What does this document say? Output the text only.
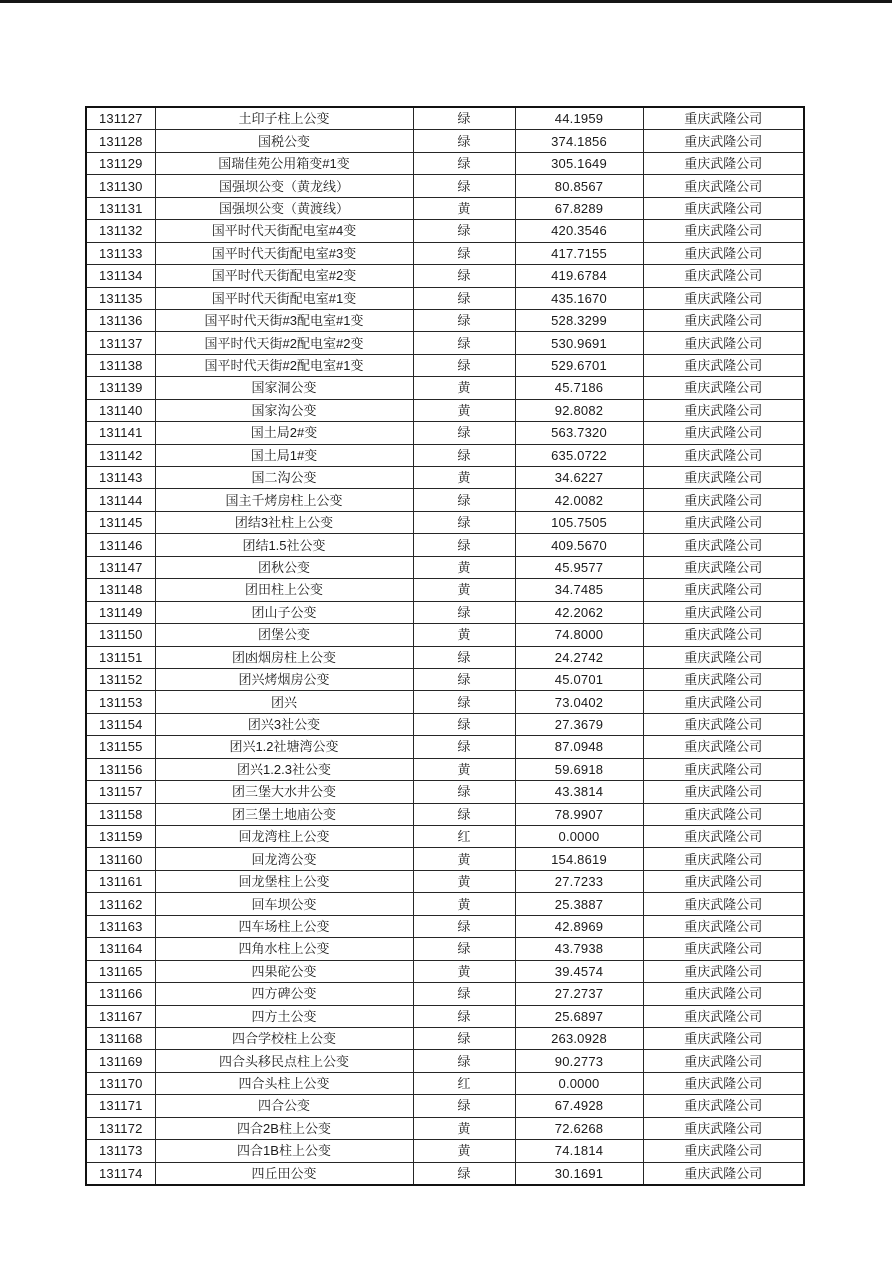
131127	土印子柱上公变	绿	44.1959	重庆武隆公司
131128	国税公变	绿	374.1856	重庆武隆公司
131129	国瑞佳苑公用箱变#1变	绿	305.1649	重庆武隆公司
131130	国强坝公变（黄龙线）	绿	80.8567	重庆武隆公司
131131	国强坝公变（黄渡线）	黄	67.8289	重庆武隆公司
131132	国平时代天街配电室#4变	绿	420.3546	重庆武隆公司
131133	国平时代天街配电室#3变	绿	417.7155	重庆武隆公司
131134	国平时代天街配电室#2变	绿	419.6784	重庆武隆公司
131135	国平时代天街配电室#1变	绿	435.1670	重庆武隆公司
131136	国平时代天街#3配电室#1变	绿	528.3299	重庆武隆公司
131137	国平时代天街#2配电室#2变	绿	530.9691	重庆武隆公司
131138	国平时代天街#2配电室#1变	绿	529.6701	重庆武隆公司
131139	国家洞公变	黄	45.7186	重庆武隆公司
131140	国家沟公变	黄	92.8082	重庆武隆公司
131141	国土局2#变	绿	563.7320	重庆武隆公司
131142	国土局1#变	绿	635.0722	重庆武隆公司
131143	国二沟公变	黄	34.6227	重庆武隆公司
131144	国主千烤房柱上公变	绿	42.0082	重庆武隆公司
131145	团结3社柱上公变	绿	105.7505	重庆武隆公司
131146	团结1.5社公变	绿	409.5670	重庆武隆公司
131147	团秋公变	黄	45.9577	重庆武隆公司
131148	团田柱上公变	黄	34.7485	重庆武隆公司
131149	团山子公变	绿	42.2062	重庆武隆公司
131150	团堡公变	黄	74.8000	重庆武隆公司
131151	团凼烟房柱上公变	绿	24.2742	重庆武隆公司
131152	团兴烤烟房公变	绿	45.0701	重庆武隆公司
131153	团兴	绿	73.0402	重庆武隆公司
131154	团兴3社公变	绿	27.3679	重庆武隆公司
131155	团兴1.2社塘湾公变	绿	87.0948	重庆武隆公司
131156	团兴1.2.3社公变	黄	59.6918	重庆武隆公司
131157	团三堡大水井公变	绿	43.3814	重庆武隆公司
131158	团三堡土地庙公变	绿	78.9907	重庆武隆公司
131159	回龙湾柱上公变	红	0.0000	重庆武隆公司
131160	回龙湾公变	黄	154.8619	重庆武隆公司
131161	回龙堡柱上公变	黄	27.7233	重庆武隆公司
131162	回车坝公变	黄	25.3887	重庆武隆公司
131163	四车场柱上公变	绿	42.8969	重庆武隆公司
131164	四角水柱上公变	绿	43.7938	重庆武隆公司
131165	四果砣公变	黄	39.4574	重庆武隆公司
131166	四方碑公变	绿	27.2737	重庆武隆公司
131167	四方土公变	绿	25.6897	重庆武隆公司
131168	四合学校柱上公变	绿	263.0928	重庆武隆公司
131169	四合头移民点柱上公变	绿	90.2773	重庆武隆公司
131170	四合头柱上公变	红	0.0000	重庆武隆公司
131171	四合公变	绿	67.4928	重庆武隆公司
131172	四合2B柱上公变	黄	72.6268	重庆武隆公司
131173	四合1B柱上公变	黄	74.1814	重庆武隆公司
131174	四丘田公变	绿	30.1691	重庆武隆公司
